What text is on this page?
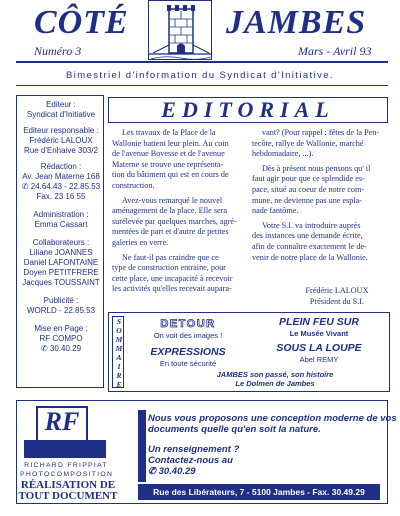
CÔTÉ	JAMBES
Numéro 3	Mars - Avril 93
Bimestriel d'information du Syndicat d'Initiative.
Editeur :
Syndicat d'Initiative
Editeur responsable :
Frédéric LALOUX
Rue d'Enhaive 303/2
Rédaction :
Av. Jean Materne 168
✆ 24.64.43 - 22.85.53
Fax. 23 16 55
Administration :
Emma Cassart
Collaborateurs :
Liliane JOANNES
Daniel LAFONTAINE
Doyen PETITFRERE
Jacques TOUSSAINT
Publicité :
WORLD - 22.85.53
Mise en Page :
RF COMPO
✆ 30.40.29
EDITORIAL
Les travaux de la Place de la
Wallonie battent leur plein. Au coin
de l'avenue Bovesse et de l'avenue
Materne se trouve une représenta-
tion du bâtiment qui est en cours de
construction.
Avez-vous remarqué le nouvel
aménagement de la place. Elle sera
surélevée par quelques marches, agré-
mentées de part et d'autre de petites
galeries en verre.
Ne faut-il pas craindre que ce
type de construction entraine, pour
cette place, une incapacité à recevoir
les activités qu'elles recevait aupara-
vant? (Pour rappel : fêtes de la Pen-
tecôte, rallye de Wallonie, marché
hebdomadaire, ...).
Dès à présent nous pensons qu' il
faut agir pour que ce splendide es-
pace, situé au coeur de notre com-
mune, ne devienne pas une espla-
nade fantôme.
Votre S.I. va introduire auprès
des instances une demande écrite,
afin de connaître exactement le de-
venir de notre place de la Wallonie.
Frédéric LALOUX
Président du S.I.
S
O
M
M
A
I
R
E
DETOUR
On voit des images !
EXPRESSIONS
En toute sécurité
PLEIN FEU SUR
Le Musée Vivant
SOUS LA LOUPE
Abel REMY
JAMBES son passé, son histoire
Le Dolmen de Jambes
RF
RICHARD FRIPPIAT
PHOTOCOMPOSITION
RÉALISATION DE
TOUT DOCUMENT
Nous vous proposons une conception moderne de vos
documents quelle qu'en soit la nature.
Un renseignement ?
Contactez-nous au
✆ 30.40.29
Rue des Libérateurs, 7 - 5100 Jambes - Fax. 30.49.29
